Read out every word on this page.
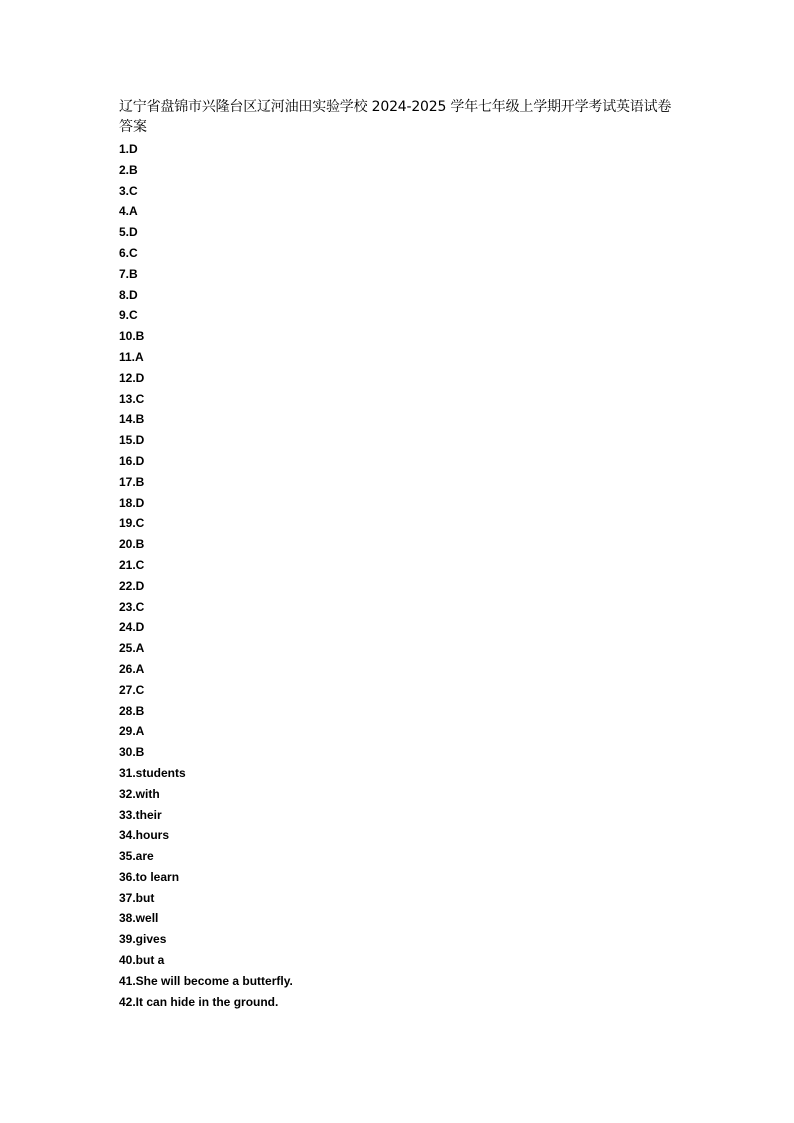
辽宁省盘锦市兴隆台区辽河油田实验学校 2024-2025 学年七年级上学期开学考试英语试卷
答案
1.D
2.B
3.C
4.A
5.D
6.C
7.B
8.D
9.C
10.B
11.A
12.D
13.C
14.B
15.D
16.D
17.B
18.D
19.C
20.B
21.C
22.D
23.C
24.D
25.A
26.A
27.C
28.B
29.A
30.B
31.students
32.with
33.their
34.hours
35.are
36.to learn
37.but
38.well
39.gives
40.but a
41.She will become a butterfly.
42.It can hide in the ground.
